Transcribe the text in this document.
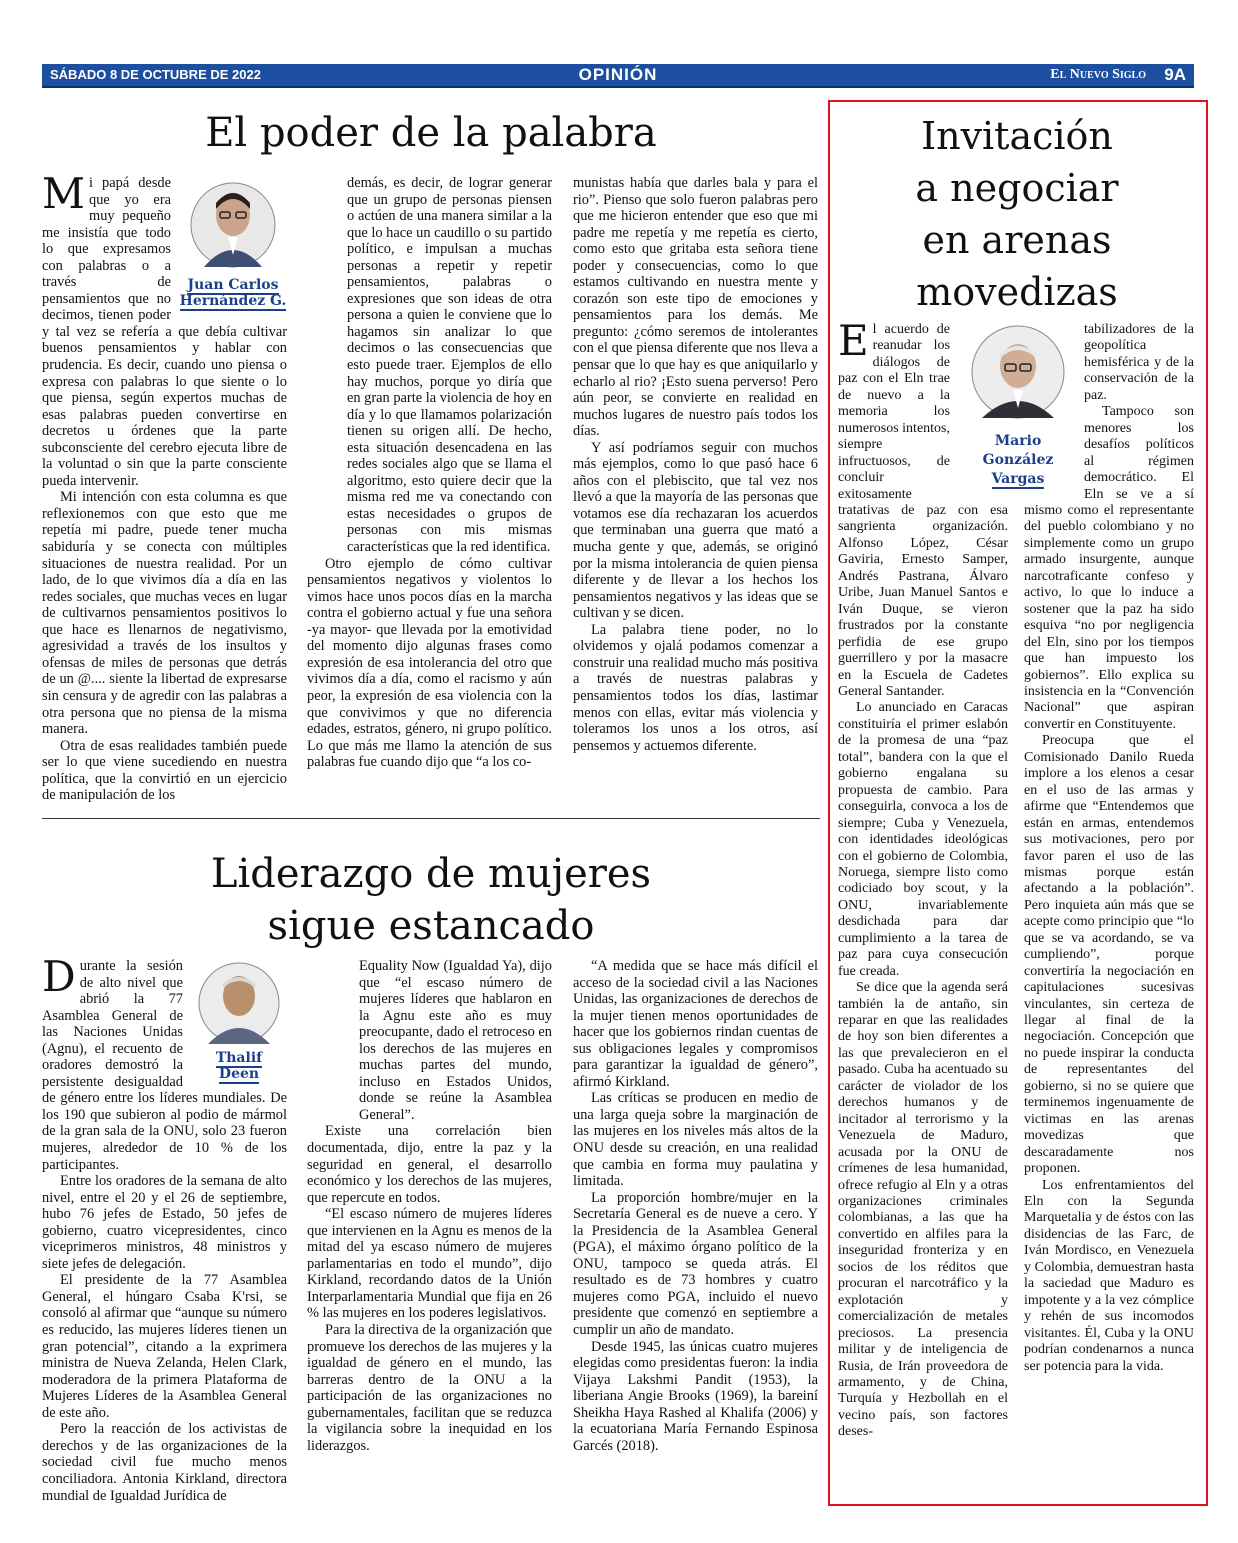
SÁBADO 8 DE OCTUBRE DE 2022	OPINIÓN	El Nuevo Siglo 9A
El poder de la palabra
Juan Carlos
Hernández G.

Mi papá desde que yo era muy pequeño me insistía que todo lo que expresamos con palabras o a través de pensamientos que no decimos, tienen poder y tal vez se refería a que debía cultivar buenos pensamientos y hablar con prudencia. Es decir, cuando uno piensa o expresa con palabras lo que siente o lo que piensa, según expertos muchas de esas palabras pueden convertirse en decretos u órdenes que la parte subconsciente del cerebro ejecuta libre de la voluntad o sin que la parte consciente pueda intervenir.

Mi intención con esta columna es que reflexionemos con que esto que me repetía mi padre, puede tener mucha sabiduría y se conecta con múltiples situaciones de nuestra realidad. Por un lado, de lo que vivimos día a día en las redes sociales, que muchas veces en lugar de cultivarnos pensamientos positivos lo que hace es llenarnos de negativismo, agresividad a través de los insultos y ofensas de miles de personas que detrás de un @.... siente la libertad de expresarse sin censura y de agredir con las palabras a otra persona que no piensa de la misma manera.

Otra de esas realidades también puede ser lo que viene sucediendo en nuestra política, que la convirtió en un ejercicio de manipulación de los

demás, es decir, de lograr generar que un grupo de personas piensen o actúen de una manera similar a la que lo hace un caudillo o su partido político, e impulsan a muchas personas a repetir y repetir pensamientos, palabras o expresiones que son ideas de otra persona a quien le conviene que lo hagamos sin analizar lo que decimos o las consecuencias que esto puede traer. Ejemplos de ello hay muchos, porque yo diría que en gran parte la violencia de hoy en día y lo que llamamos polarización tienen su origen allí. De hecho, esta situación desencadena en las redes sociales algo que se llama el algoritmo, esto quiere decir que la misma red me va conectando con estas necesidades o grupos de personas con mis mismas características que la red identifica.

Otro ejemplo de cómo cultivar pensamientos negativos y violentos lo vimos hace unos pocos días en la marcha contra el gobierno actual y fue una señora -ya mayor- que llevada por la emotividad del momento dijo algunas frases como expresión de esa intolerancia del otro que vivimos día a día, como el racismo y aún peor, la expresión de esa violencia con la que convivimos y que no diferencia edades, estratos, género, ni grupo político. Lo que más me llamo la atención de sus palabras fue cuando dijo que “a los co-

munistas había que darles bala y para el rio”. Pienso que solo fueron palabras pero que me hicieron entender que eso que mi padre me repetía y me repetía es cierto, como esto que gritaba esta señora tiene poder y consecuencias, como lo que estamos cultivando en nuestra mente y corazón son este tipo de emociones y pensamientos para los demás. Me pregunto: ¿cómo seremos de intolerantes con el que piensa diferente que nos lleva a pensar que lo que hay es que aniquilarlo y echarlo al rio? ¡Esto suena perverso! Pero aún peor, se convierte en realidad en muchos lugares de nuestro país todos los días.

Y así podríamos seguir con muchos más ejemplos, como lo que pasó hace 6 años con el plebiscito, que tal vez nos llevó a que la mayoría de las personas que votamos ese día rechazaran los acuerdos que terminaban una guerra que mató a mucha gente y que, además, se originó por la misma intolerancia de quien piensa diferente y de llevar a los hechos los pensamientos negativos y las ideas que se cultivan y se dicen.

La palabra tiene poder, no lo olvidemos y ojalá podamos comenzar a construir una realidad mucho más positiva a través de nuestras palabras y pensamientos todos los días, lastimar menos con ellas, evitar más violencia y toleramos los unos a los otros, así pensemos y actuemos diferente.

Liderazgo de mujeres
sigue estancado
Thalif
Deen

Durante la sesión de alto nivel que abrió la 77 Asamblea General de las Naciones Unidas (Agnu), el recuento de oradores demostró la persistente desigualdad de género entre los líderes mundiales. De los 190 que subieron al podio de mármol de la gran sala de la ONU, solo 23 fueron mujeres, alrededor de 10 % de los participantes.

Entre los oradores de la semana de alto nivel, entre el 20 y el 26 de septiembre, hubo 76 jefes de Estado, 50 jefes de gobierno, cuatro vicepresidentes, cinco viceprimeros ministros, 48 ministros y siete jefes de delegación.

El presidente de la 77 Asamblea General, el húngaro Csaba K'rsi, se consoló al afirmar que “aunque su número es reducido, las mujeres líderes tienen un gran potencial”, citando a la exprimera ministra de Nueva Zelanda, Helen Clark, moderadora de la primera Plataforma de Mujeres Líderes de la Asamblea General de este año.

Pero la reacción de los activistas de derechos y de las organizaciones de la sociedad civil fue mucho menos conciliadora. Antonia Kirkland, directora mundial de Igualdad Jurídica de

Equality Now (Igualdad Ya), dijo que “el escaso número de mujeres líderes que hablaron en la Agnu este año es muy preocupante, dado el retroceso en los derechos de las mujeres en muchas partes del mundo, incluso en Estados Unidos, donde se reúne la Asamblea General”.

Existe una correlación bien documentada, dijo, entre la paz y la seguridad en general, el desarrollo económico y los derechos de las mujeres, que repercute en todos.

“El escaso número de mujeres líderes que intervienen en la Agnu es menos de la mitad del ya escaso número de mujeres parlamentarias en todo el mundo”, dijo Kirkland, recordando datos de la Unión Interparlamentaria Mundial que fija en 26 % las mujeres en los poderes legislativos.

Para la directiva de la organización que promueve los derechos de las mujeres y la igualdad de género en el mundo, las barreras dentro de la ONU a la participación de las organizaciones no gubernamentales, facilitan que se reduzca la vigilancia sobre la inequidad en los liderazgos.

“A medida que se hace más difícil el acceso de la sociedad civil a las Naciones Unidas, las organizaciones de derechos de la mujer tienen menos oportunidades de hacer que los gobiernos rindan cuentas de sus obligaciones legales y compromisos para garantizar la igualdad de género”, afirmó Kirkland.

Las críticas se producen en medio de una larga queja sobre la marginación de las mujeres en los niveles más altos de la ONU desde su creación, en una realidad que cambia en forma muy paulatina y limitada.

La proporción hombre/mujer en la Secretaría General es de nueve a cero. Y la Presidencia de la Asamblea General (PGA), el máximo órgano político de la ONU, tampoco se queda atrás. El resultado es de 73 hombres y cuatro mujeres como PGA, incluido el nuevo presidente que comenzó en septiembre a cumplir un año de mandato.

Desde 1945, las únicas cuatro mujeres elegidas como presidentas fueron: la india Vijaya Lakshmi Pandit (1953), la liberiana Angie Brooks (1969), la bareiní Sheikha Haya Rashed al Khalifa (2006) y la ecuatoriana María Fernando Espinosa Garcés (2018).

Invitación
a negociar
en arenas
movedizas

El acuerdo de reanudar los diálogos de paz con el Eln trae de nuevo a la memoria los numerosos intentos, siempre infructuosos, de concluir exitosamente tratativas de paz con esa sangrienta organización. Alfonso López, César Gaviria, Ernesto Samper, Andrés Pastrana, Álvaro Uribe, Juan Manuel Santos e Iván Duque, se vieron frustrados por la constante perfidia de ese grupo guerrillero y por la masacre en la Escuela de Cadetes General Santander.

Lo anunciado en Caracas constituiría el primer eslabón de la promesa de una “paz total”, bandera con la que el gobierno engalana su propuesta de cambio. Para conseguirla, convoca a los de siempre; Cuba y Venezuela, con identidades ideológicas con el gobierno de Colombia, Noruega, siempre listo como codiciado boy scout, y la ONU, invariablemente desdichada para dar cumplimiento a la tarea de paz para cuya consecución fue creada.

Se dice que la agenda será también la de antaño, sin reparar en que las realidades de hoy son bien diferentes a las que prevalecieron en el pasado. Cuba ha acentuado su carácter de violador de los derechos humanos y de incitador al terrorismo y la Venezuela de Maduro, acusada por la ONU de crímenes de lesa humanidad, ofrece refugio al Eln y a otras organizaciones criminales colombianas, a las que ha convertido en alfiles para la inseguridad fronteriza y en socios de los réditos que procuran el narcotráfico y la explotación y comercialización de metales preciosos. La presencia militar y de inteligencia de Rusia, de Irán proveedora de armamento, y de China, Turquía y Hezbollah en el vecino país, son factores deses-

Mario
González
Vargas

tabilizadores de la geopolítica hemisférica y de la conservación de la paz.

Tampoco son menores los desafíos políticos al régimen democrático. El Eln se ve a sí mismo como el representante del pueblo colombiano y no simplemente como un grupo armado insurgente, aunque narcotraficante confeso y activo, lo que lo induce a sostener que la paz ha sido esquiva “no por negligencia del Eln, sino por los tiempos que han impuesto los gobiernos”. Ello explica su insistencia en la “Convención Nacional” que aspiran convertir en Constituyente.

Preocupa que el Comisionado Danilo Rueda implore a los elenos a cesar en el uso de las armas y afirme que “Entendemos que están en armas, entendemos sus motivaciones, pero por favor paren el uso de las mismas porque están afectando a la población”. Pero inquieta aún más que se acepte como principio que “lo que se va acordando, se va cumpliendo”, porque convertiría la negociación en capitulaciones sucesivas vinculantes, sin certeza de llegar al final de la negociación. Concepción que no puede inspirar la conducta de representantes del gobierno, si no se quiere que terminemos ingenuamente de victimas en las arenas movedizas que descaradamente nos proponen.

Los enfrentamientos del Eln con la Segunda Marquetalia y de éstos con las disidencias de las Farc, de Iván Mordisco, en Venezuela y Colombia, demuestran hasta la saciedad que Maduro es impotente y a la vez cómplice y rehén de sus incomodos visitantes. Él, Cuba y la ONU podrían condenarnos a nunca ser potencia para la vida.
